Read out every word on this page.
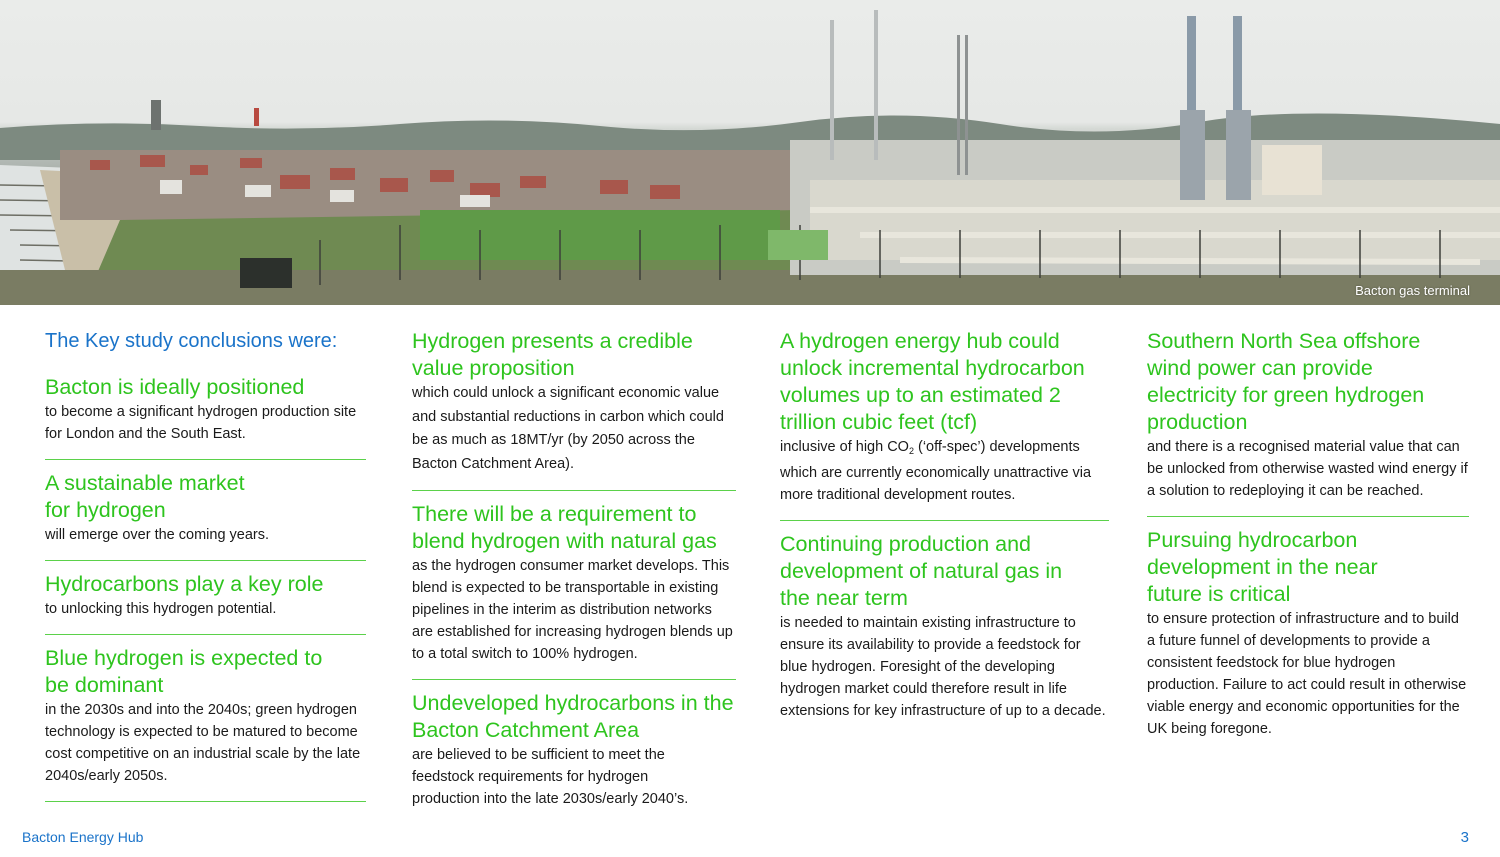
Bacton gas terminal

The Key study conclusions were:

Bacton is ideally positioned

to become a significant hydrogen production site for London and the South East.

A sustainable market for hydrogen

will emerge over the coming years.

Hydrocarbons play a key role

to unlocking this hydrogen potential.

Blue hydrogen is expected to be dominant

in the 2030s and into the 2040s; green hydrogen technology is expected to be matured to become cost competitive on an industrial scale by the late 2040s/early 2050s.

Hydrogen presents a credible value proposition

which could unlock a significant economic value and substantial reductions in carbon which could be as much as 18MT/yr (by 2050 across the Bacton Catchment Area).

There will be a requirement to blend hydrogen with natural gas

as the hydrogen consumer market develops. This blend is expected to be transportable in existing pipelines in the interim as distribution networks are established for increasing hydrogen blends up to a total switch to 100% hydrogen.

Undeveloped hydrocarbons in the Bacton Catchment Area

are believed to be sufficient to meet the feedstock requirements for hydrogen production into the late 2030s/early 2040’s.

A hydrogen energy hub could unlock incremental hydrocarbon volumes up to an estimated 2 trillion cubic feet (tcf)

inclusive of high $CO_2$ (‘off-spec’) developments which are currently economically unattractive via more traditional development routes.

Continuing production and development of natural gas in the near term

is needed to maintain existing infrastructure to ensure its availability to provide a feedstock for blue hydrogen. Foresight of the developing hydrogen market could therefore result in life extensions for key infrastructure of up to a decade.

Southern North Sea offshore wind power can provide electricity for green hydrogen production

and there is a recognised material value that can be unlocked from otherwise wasted wind energy if a solution to redeploying it can be reached.

Pursuing hydrocarbon development in the near future is critical

to ensure protection of infrastructure and to build a future funnel of developments to provide a consistent feedstock for blue hydrogen production. Failure to act could result in otherwise viable energy and economic opportunities for the UK being foregone.

Bacton Energy Hub	3
